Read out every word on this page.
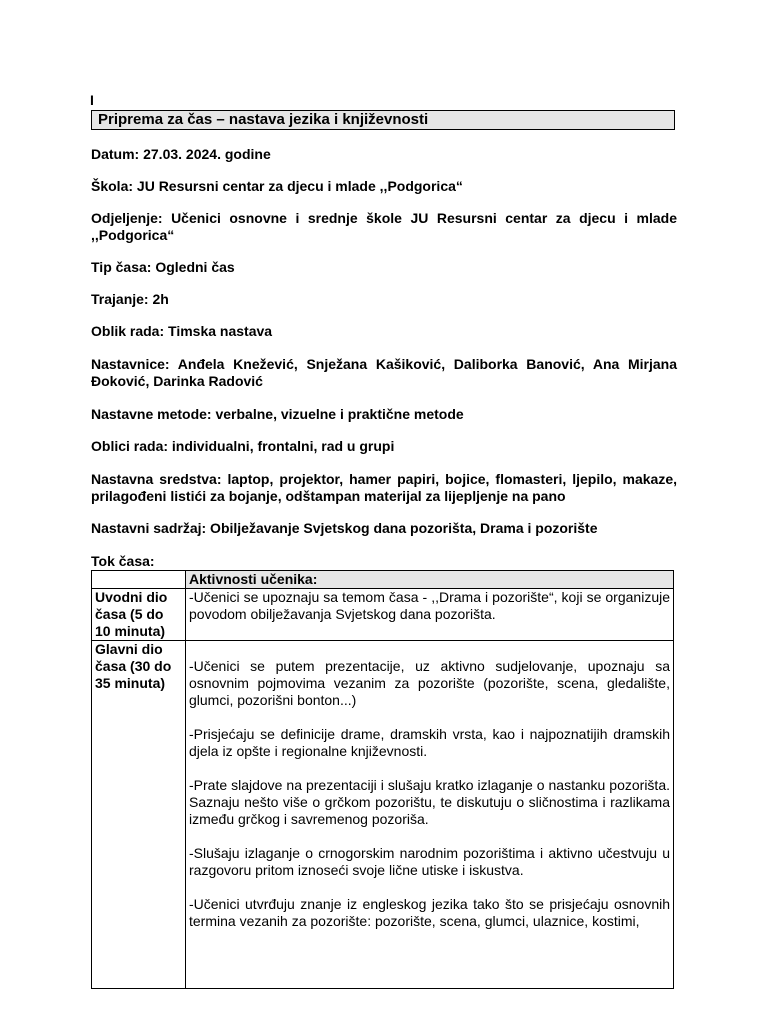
I
Priprema za čas – nastava jezika i književnosti
Datum: 27.03. 2024. godine
Škola: JU Resursni centar za djecu i mlade ,,Podgorica“
Odjeljenje: Učenici osnovne i srednje škole JU Resursni centar za djecu i mlade ,,Podgorica“
Tip časa: Ogledni čas
Trajanje: 2h
Oblik rada: Timska nastava
Nastavnice: Anđela Knežević, Snježana Kašiković, Daliborka Banović, Ana Mirjana Đoković, Darinka Radović
Nastavne metode: verbalne, vizuelne i praktične metode
Oblici rada: individualni, frontalni, rad u grupi
Nastavna sredstva: laptop, projektor, hamer papiri, bojice, flomasteri, ljepilo, makaze, prilagođeni listići za bojanje, odštampan materijal za lijepljenje na pano
Nastavni sadržaj: Obilježavanje Svjetskog dana pozorišta, Drama i pozorište
Tok časa:
	Aktivnosti učenika:
Uvodni dio časa (5 do 10 minuta)	-Učenici se upoznaju sa temom časa - ,,Drama i pozorište“, koji se organizuje povodom obilježavanja Svjetskog dana pozorišta.

Glavni dio časa (30 do 35 minuta)	-Učenici se putem prezentacije, uz aktivno sudjelovanje, upoznaju sa osnovnim pojmovima vezanim za pozorište (pozorište, scena, gledalište, glumci, pozorišni bonton...)

-Prisjećaju se definicije drame, dramskih vrsta, kao i najpoznatijih dramskih djela iz opšte i regionalne književnosti.

-Prate slajdove na prezentaciji i slušaju kratko izlaganje o nastanku pozorišta. Saznaju nešto više o grčkom pozorištu, te diskutuju o sličnostima i razlikama između grčkog i savremenog pozoriša.

-Slušaju izlaganje o crnogorskim narodnim pozorištima i aktivno učestvuju u razgovoru pritom iznoseći svoje lične utiske i iskustva.

-Učenici utvrđuju znanje iz engleskog jezika tako što se prisjećaju osnovnih termina vezanih za pozorište: pozorište, scena, glumci, ulaznice, kostimi,
